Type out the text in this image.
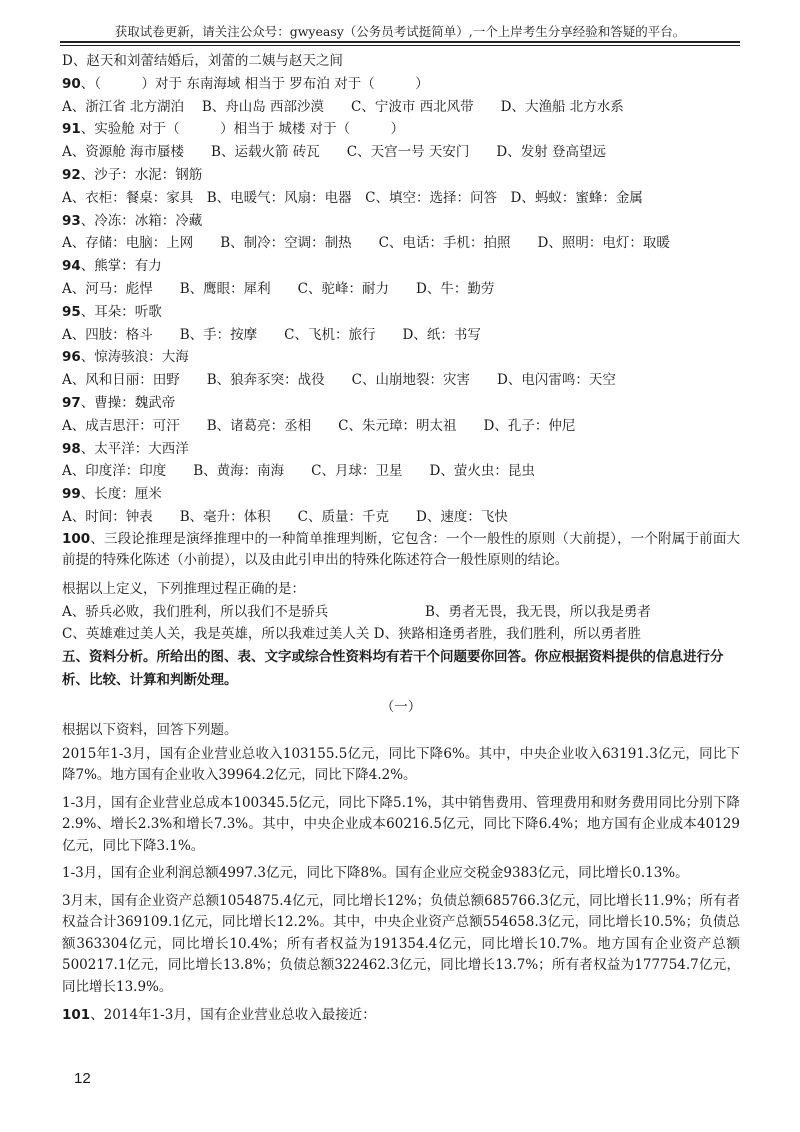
获取试卷更新，请关注公众号：gwyeasy（公务员考试挺简单）,一个上岸考生分享经验和答疑的平台。
D、赵天和刘蕾结婚后，刘蕾的二姨与赵天之间
90、（　　　）对于 东南海域 相当于 罗布泊 对于（　　　）
A、浙江省 北方湖泊　 B、舟山岛 西部沙漠　　C、宁波市 西北风带　　D、大渔船 北方水系
91、实验舱 对于（　　　）相当于 城楼 对于（　　　）
A、资源舱 海市蜃楼　　B、运载火箭 砖瓦　　C、天宫一号 天安门　　D、发射 登高望远
92、沙子：水泥：钢筋
A、衣柜：餐桌：家具　B、电暖气：风扇：电器　C、填空：选择：问答　D、蚂蚁：蜜蜂：金属
93、冷冻：冰箱：冷藏
A、存储：电脑：上网　　B、制冷：空调：制热　　C、电话：手机：拍照　　D、照明：电灯：取暖
94、熊掌：有力
A、河马：彪悍　　B、鹰眼：犀利　　C、驼峰：耐力　　D、牛：勤劳
95、耳朵：听歌
A、四肢：格斗　　B、手：按摩　　C、飞机：旅行　　D、纸：书写
96、惊涛骇浪：大海
A、风和日丽：田野　　B、狼奔豕突：战役　　C、山崩地裂：灾害　　D、电闪雷鸣：天空
97、曹操：魏武帝
A、成吉思汗：可汗　　B、诸葛亮：丞相　　C、朱元璋：明太祖　　D、孔子：仲尼
98、太平洋：大西洋
A、印度洋：印度　　B、黄海：南海　　C、月球：卫星　　D、萤火虫：昆虫
99、长度：厘米
A、时间：钟表　　B、毫升：体积　　C、质量：千克　　D、速度：飞快
100、三段论推理是演绎推理中的一种简单推理判断，它包含：一个一般性的原则（大前提），一个附属于前面大前提的特殊化陈述（小前提），以及由此引申出的特殊化陈述符合一般性原则的结论。
根据以上定义，下列推理过程正确的是：
A、骄兵必败，我们胜利，所以我们不是骄兵	B、勇者无畏，我无畏，所以我是勇者
C、英雄难过美人关，我是英雄，所以我难过美人关 D、狭路相逢勇者胜，我们胜利，所以勇者胜
五、资料分析。所给出的图、表、文字或综合性资料均有若干个问题要你回答。你应根据资料提供的信息进行分析、比较、计算和判断处理。
（一）
根据以下资料，回答下列题。
2015年1-3月，国有企业营业总收入103155.5亿元，同比下降6%。其中，中央企业收入63191.3亿元，同比下降7%。地方国有企业收入39964.2亿元，同比下降4.2%。
1-3月，国有企业营业总成本100345.5亿元，同比下降5.1%，其中销售费用、管理费用和财务费用同比分别下降2.9%、增长2.3%和增长7.3%。其中，中央企业成本60216.5亿元，同比下降6.4%；地方国有企业成本40129亿元，同比下降3.1%。
1-3月，国有企业利润总额4997.3亿元，同比下降8%。国有企业应交税金9383亿元，同比增长0.13%。
3月末，国有企业资产总额1054875.4亿元，同比增长12%；负债总额685766.3亿元，同比增长11.9%；所有者权益合计369109.1亿元，同比增长12.2%。其中，中央企业资产总额554658.3亿元，同比增长10.5%；负债总额363304亿元，同比增长10.4%；所有者权益为191354.4亿元，同比增长10.7%。地方国有企业资产总额500217.1亿元，同比增长13.8%；负债总额322462.3亿元，同比增长13.7%；所有者权益为177754.7亿元，同比增长13.9%。
101、2014年1-3月，国有企业营业总收入最接近：
12
